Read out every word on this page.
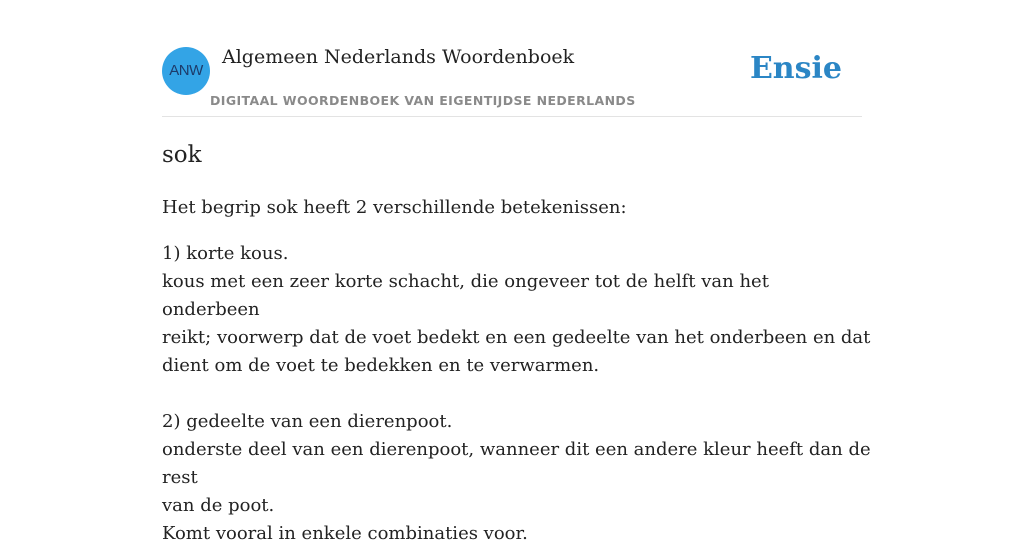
ANW
Algemeen Nederlands Woordenboek
DIGITAAL WOORDENBOEK VAN EIGENTIJDSE NEDERLANDS
Ensie
sok

Het begrip sok heeft 2 verschillende betekenissen:

1) korte kous.
kous met een zeer korte schacht, die ongeveer tot de helft van het onderbeen
reikt; voorwerp dat de voet bedekt en een gedeelte van het onderbeen en dat
dient om de voet te bedekken en te verwarmen.

2) gedeelte van een dierenpoot.
onderste deel van een dierenpoot, wanneer dit een andere kleur heeft dan de rest
van de poot.
Komt vooral in enkele combinaties voor.
